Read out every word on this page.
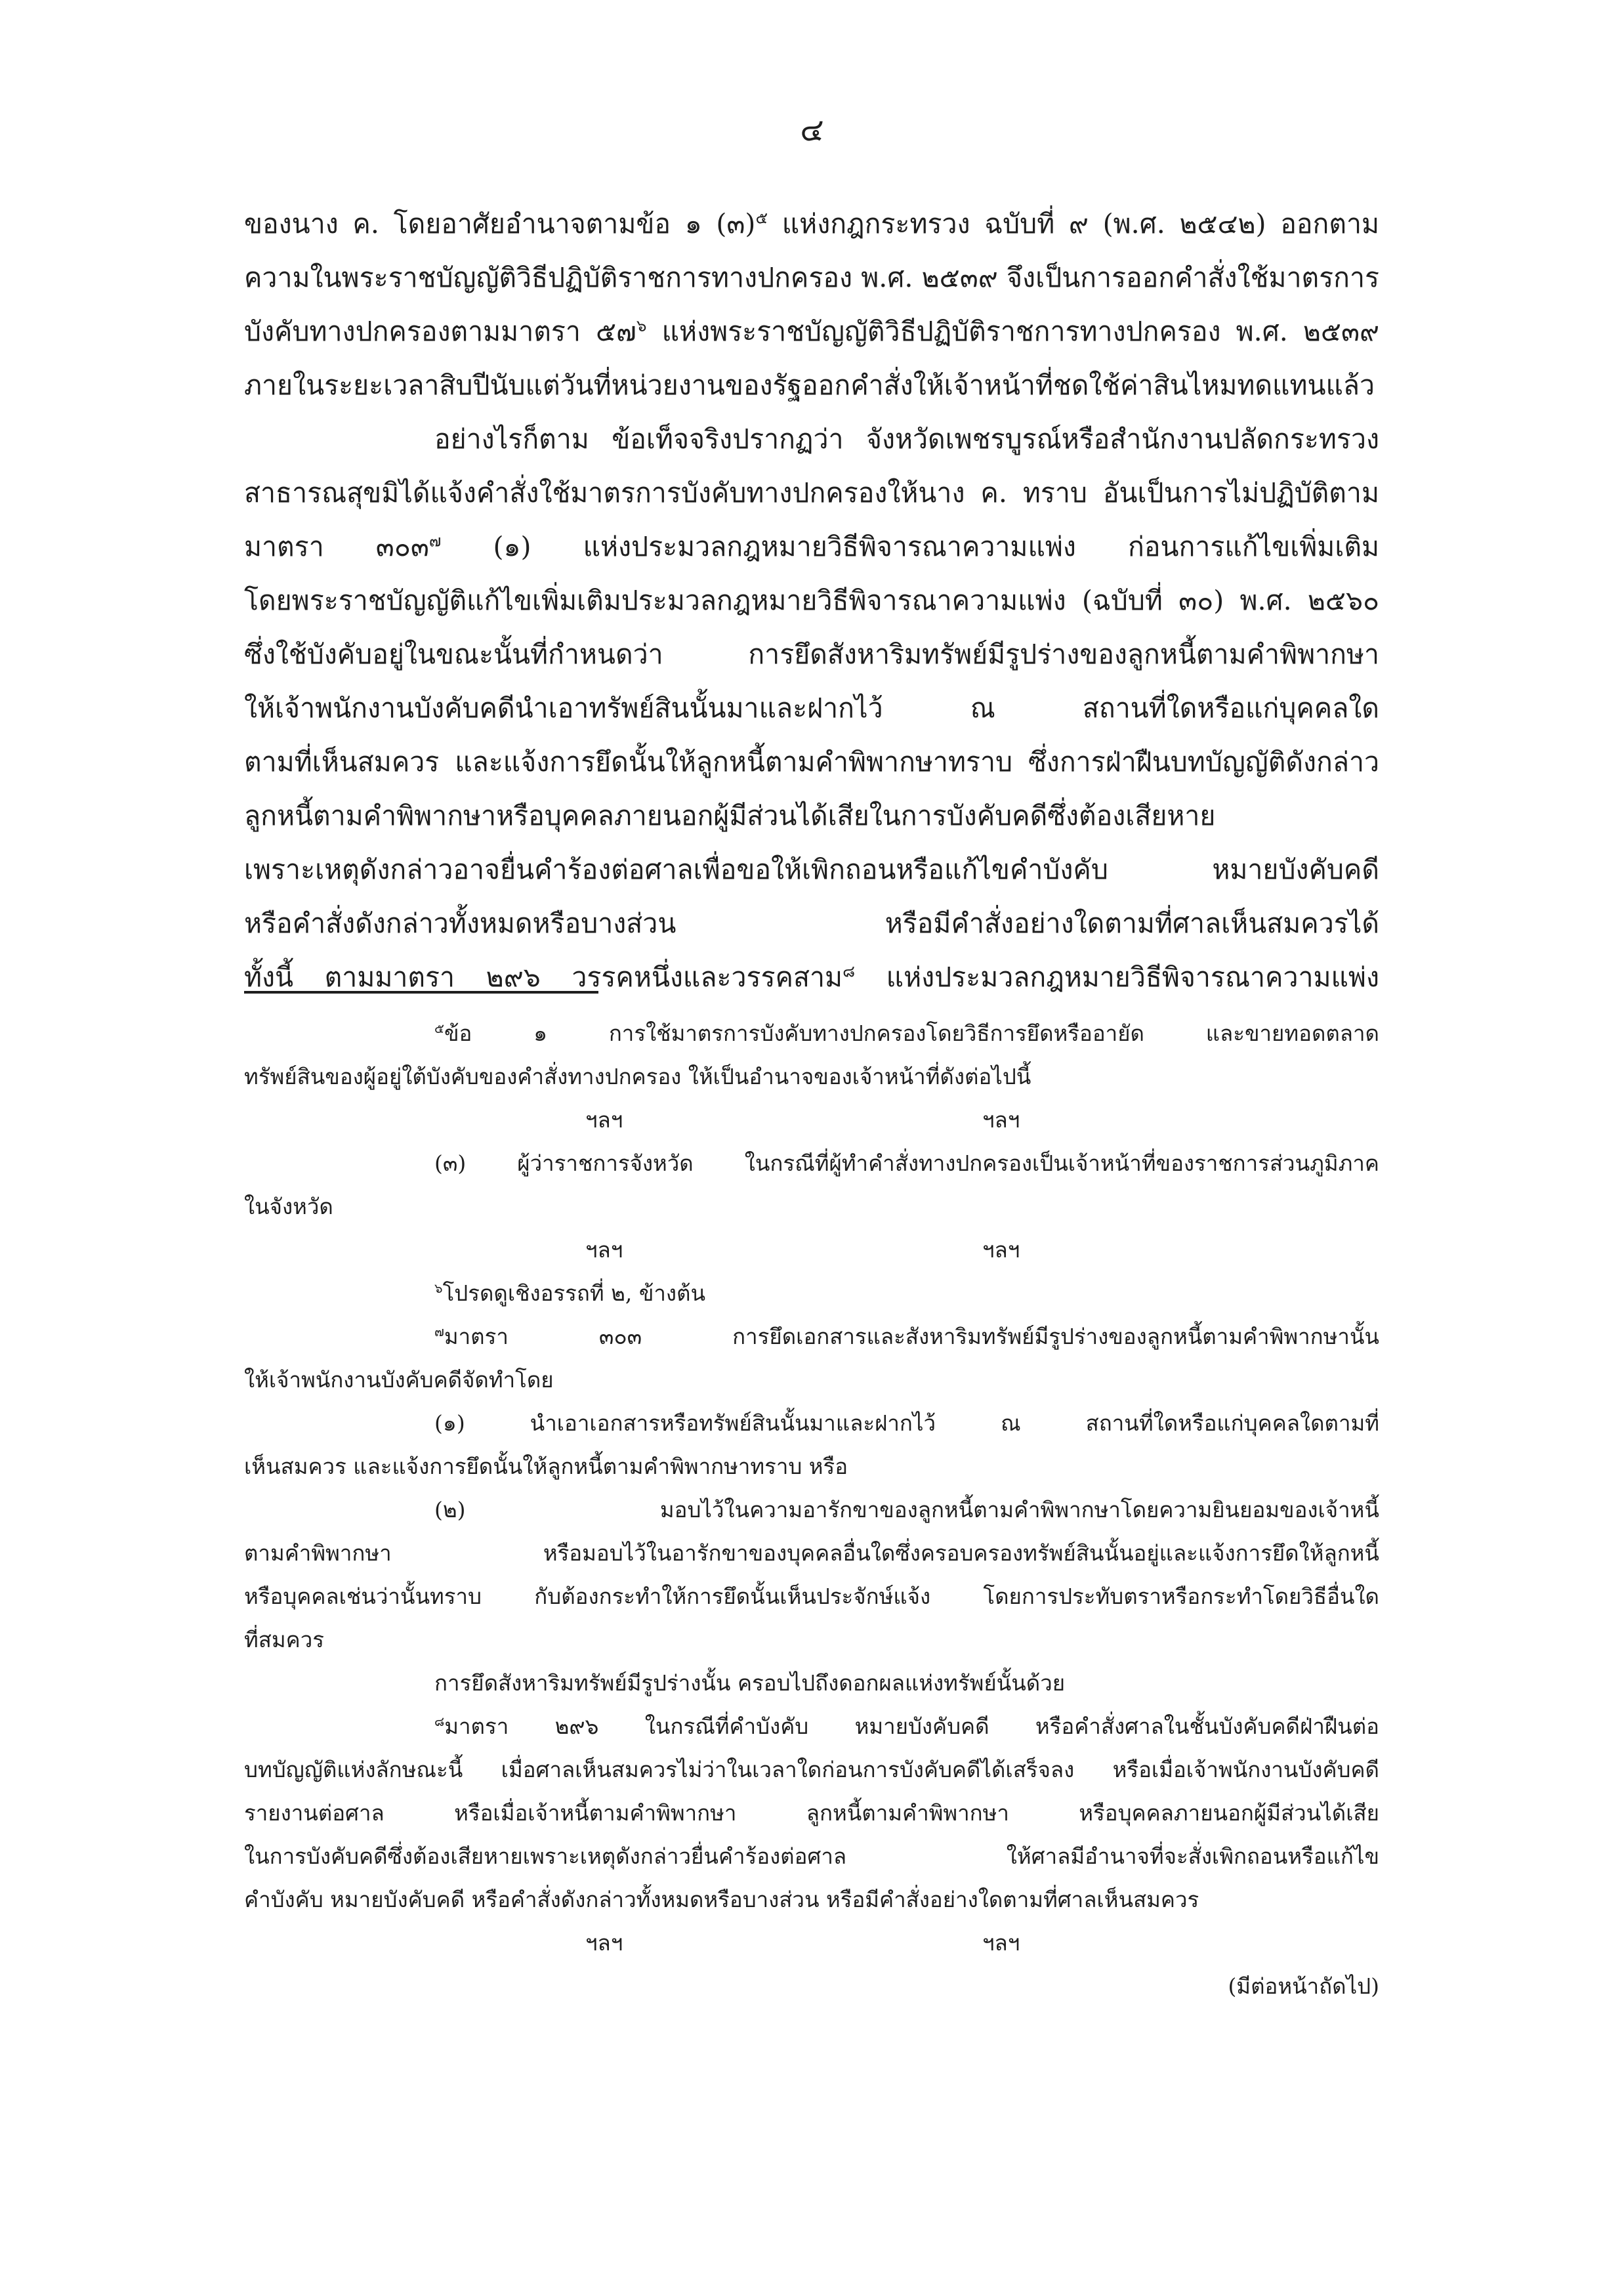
๔
ของนาง ค. โดยอาศัยอำนาจตามข้อ ๑ (๓)$^๕$ แห่งกฎกระทรวง ฉบับที่ ๙ (พ.ศ. ๒๕๔๒) ออกตาม
ความในพระราชบัญญัติวิธีปฏิบัติราชการทางปกครอง พ.ศ. ๒๕๓๙ จึงเป็นการออกคำสั่งใช้มาตรการ
บังคับทางปกครองตามมาตรา ๕๗$^๖$ แห่งพระราชบัญญัติวิธีปฏิบัติราชการทางปกครอง พ.ศ. ๒๕๓๙
ภายในระยะเวลาสิบปีนับแต่วันที่หน่วยงานของรัฐออกคำสั่งให้เจ้าหน้าที่ชดใช้ค่าสินไหมทดแทนแล้ว
อย่างไรก็ตาม ข้อเท็จจริงปรากฏว่า จังหวัดเพชรบูรณ์หรือสำนักงานปลัดกระทรวง
สาธารณสุขมิได้แจ้งคำสั่งใช้มาตรการบังคับทางปกครองให้นาง ค. ทราบ อันเป็นการไม่ปฏิบัติตาม
มาตรา ๓๐๓$^๗$ (๑) แห่งประมวลกฎหมายวิธีพิจารณาความแพ่ง ก่อนการแก้ไขเพิ่มเติม
โดยพระราชบัญญัติแก้ไขเพิ่มเติมประมวลกฎหมายวิธีพิจารณาความแพ่ง (ฉบับที่ ๓๐) พ.ศ. ๒๕๖๐
ซึ่งใช้บังคับอยู่ในขณะนั้นที่กำหนดว่า การยึดสังหาริมทรัพย์มีรูปร่างของลูกหนี้ตามคำพิพากษา
ให้เจ้าพนักงานบังคับคดีนำเอาทรัพย์สินนั้นมาและฝากไว้ ณ สถานที่ใดหรือแก่บุคคลใด
ตามที่เห็นสมควร และแจ้งการยึดนั้นให้ลูกหนี้ตามคำพิพากษาทราบ ซึ่งการฝ่าฝืนบทบัญญัติดังกล่าว
ลูกหนี้ตามคำพิพากษาหรือบุคคลภายนอกผู้มีส่วนได้เสียในการบังคับคดีซึ่งต้องเสียหาย
เพราะเหตุดังกล่าวอาจยื่นคำร้องต่อศาลเพื่อขอให้เพิกถอนหรือแก้ไขคำบังคับ หมายบังคับคดี
หรือคำสั่งดังกล่าวทั้งหมดหรือบางส่วน หรือมีคำสั่งอย่างใดตามที่ศาลเห็นสมควรได้
ทั้งนี้ ตามมาตรา ๒๙๖ วรรคหนึ่งและวรรคสาม$^๘$ แห่งประมวลกฎหมายวิธีพิจารณาความแพ่ง
$^๕$ข้อ ๑ การใช้มาตรการบังคับทางปกครองโดยวิธีการยึดหรืออายัด และขายทอดตลาด
ทรัพย์สินของผู้อยู่ใต้บังคับของคำสั่งทางปกครอง ให้เป็นอำนาจของเจ้าหน้าที่ดังต่อไปนี้
ฯลฯ	ฯลฯ
(๓) ผู้ว่าราชการจังหวัด ในกรณีที่ผู้ทำคำสั่งทางปกครองเป็นเจ้าหน้าที่ของราชการส่วนภูมิภาค
ในจังหวัด
ฯลฯ	ฯลฯ
$^๖$โปรดดูเชิงอรรถที่ ๒, ข้างต้น
$^๗$มาตรา ๓๐๓ การยึดเอกสารและสังหาริมทรัพย์มีรูปร่างของลูกหนี้ตามคำพิพากษานั้น
ให้เจ้าพนักงานบังคับคดีจัดทำโดย
(๑) นำเอาเอกสารหรือทรัพย์สินนั้นมาและฝากไว้ ณ สถานที่ใดหรือแก่บุคคลใดตามที่
เห็นสมควร และแจ้งการยึดนั้นให้ลูกหนี้ตามคำพิพากษาทราบ หรือ
(๒) มอบไว้ในความอารักขาของลูกหนี้ตามคำพิพากษาโดยความยินยอมของเจ้าหนี้
ตามคำพิพากษา หรือมอบไว้ในอารักขาของบุคคลอื่นใดซึ่งครอบครองทรัพย์สินนั้นอยู่และแจ้งการยึดให้ลูกหนี้
หรือบุคคลเช่นว่านั้นทราบ กับต้องกระทำให้การยึดนั้นเห็นประจักษ์แจ้ง โดยการประทับตราหรือกระทำโดยวิธีอื่นใด
ที่สมควร
การยึดสังหาริมทรัพย์มีรูปร่างนั้น ครอบไปถึงดอกผลแห่งทรัพย์นั้นด้วย
$^๘$มาตรา ๒๙๖ ในกรณีที่คำบังคับ หมายบังคับคดี หรือคำสั่งศาลในชั้นบังคับคดีฝ่าฝืนต่อ
บทบัญญัติแห่งลักษณะนี้ เมื่อศาลเห็นสมควรไม่ว่าในเวลาใดก่อนการบังคับคดีได้เสร็จลง หรือเมื่อเจ้าพนักงานบังคับคดี
รายงานต่อศาล หรือเมื่อเจ้าหนี้ตามคำพิพากษา ลูกหนี้ตามคำพิพากษา หรือบุคคลภายนอกผู้มีส่วนได้เสีย
ในการบังคับคดีซึ่งต้องเสียหายเพราะเหตุดังกล่าวยื่นคำร้องต่อศาล ให้ศาลมีอำนาจที่จะสั่งเพิกถอนหรือแก้ไข
คำบังคับ หมายบังคับคดี หรือคำสั่งดังกล่าวทั้งหมดหรือบางส่วน หรือมีคำสั่งอย่างใดตามที่ศาลเห็นสมควร
ฯลฯ	ฯลฯ
(มีต่อหน้าถัดไป)
